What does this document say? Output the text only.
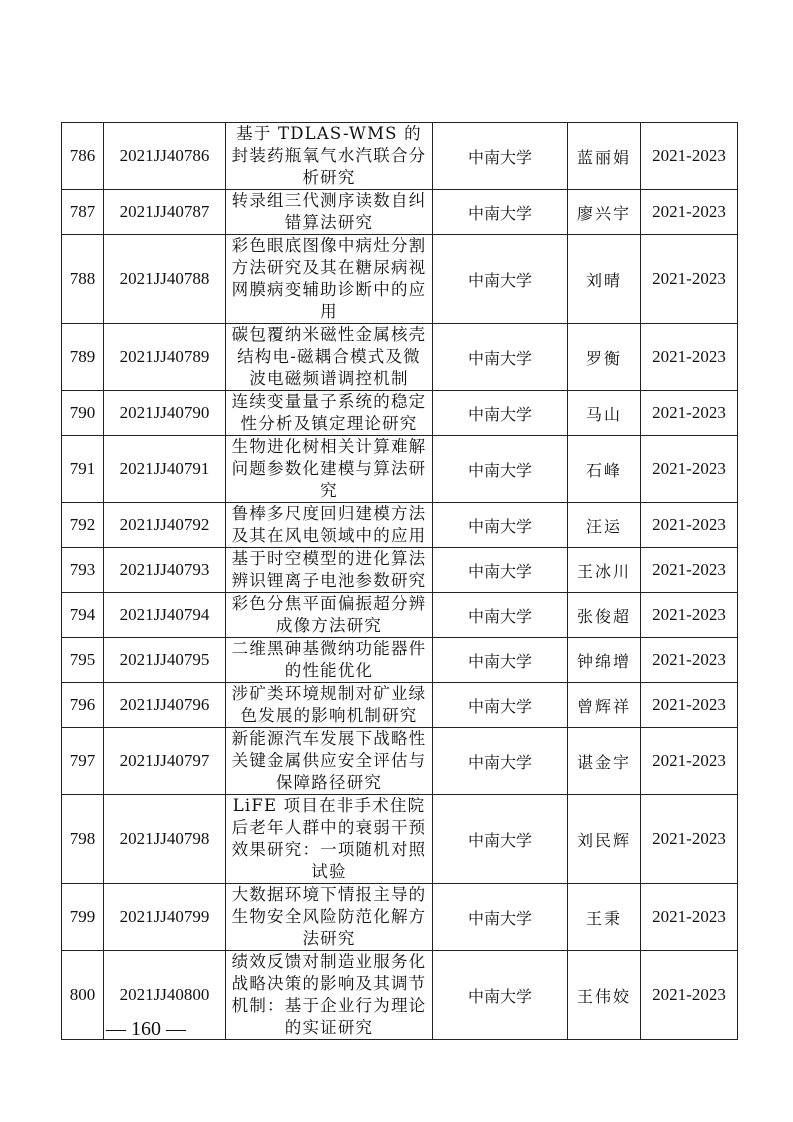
786	2021JJ40786	基于 TDLAS-WMS 的封装药瓶氧气水汽联合分析研究	中南大学	蓝丽娟	2021-2023
787	2021JJ40787	转录组三代测序读数自纠错算法研究	中南大学	廖兴宇	2021-2023
788	2021JJ40788	彩色眼底图像中病灶分割方法研究及其在糖尿病视网膜病变辅助诊断中的应用	中南大学	刘晴	2021-2023
789	2021JJ40789	碳包覆纳米磁性金属核壳结构电-磁耦合模式及微波电磁频谱调控机制	中南大学	罗衡	2021-2023
790	2021JJ40790	连续变量量子系统的稳定性分析及镇定理论研究	中南大学	马山	2021-2023
791	2021JJ40791	生物进化树相关计算难解问题参数化建模与算法研究	中南大学	石峰	2021-2023
792	2021JJ40792	鲁棒多尺度回归建模方法及其在风电领域中的应用	中南大学	汪运	2021-2023
793	2021JJ40793	基于时空模型的进化算法辨识锂离子电池参数研究	中南大学	王冰川	2021-2023
794	2021JJ40794	彩色分焦平面偏振超分辨成像方法研究	中南大学	张俊超	2021-2023
795	2021JJ40795	二维黑砷基微纳功能器件的性能优化	中南大学	钟绵增	2021-2023
796	2021JJ40796	涉矿类环境规制对矿业绿色发展的影响机制研究	中南大学	曾辉祥	2021-2023
797	2021JJ40797	新能源汽车发展下战略性关键金属供应安全评估与保障路径研究	中南大学	谌金宇	2021-2023
798	2021JJ40798	LiFE 项目在非手术住院后老年人群中的衰弱干预效果研究：一项随机对照试验	中南大学	刘民辉	2021-2023
799	2021JJ40799	大数据环境下情报主导的生物安全风险防范化解方法研究	中南大学	王秉	2021-2023
800	2021JJ40800	绩效反馈对制造业服务化战略决策的影响及其调节机制：基于企业行为理论的实证研究	中南大学	王伟姣	2021-2023
— 160 —
